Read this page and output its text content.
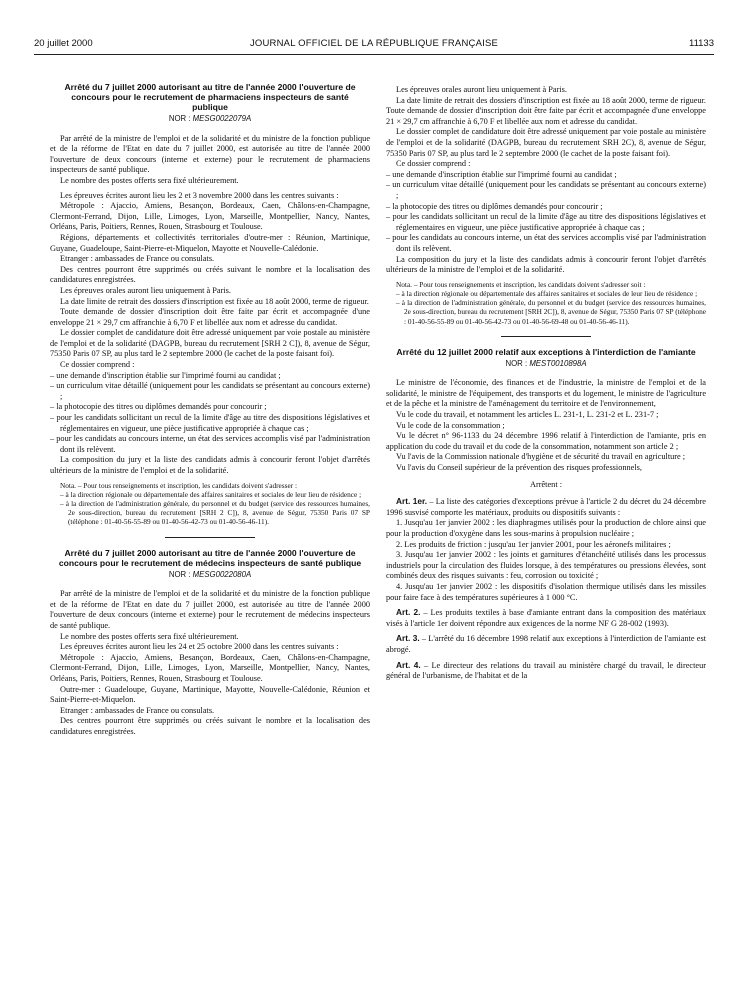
20 juillet 2000	JOURNAL OFFICIEL DE LA RÉPUBLIQUE FRANÇAISE	11133
Arrêté du 7 juillet 2000 autorisant au titre de l'année 2000 l'ouverture de concours pour le recrutement de pharmaciens inspecteurs de santé publique
NOR : MESG0022079A

Par arrêté de la ministre de l'emploi et de la solidarité et du ministre de la fonction publique et de la réforme de l'Etat en date du 7 juillet 2000, est autorisée au titre de l'année 2000 l'ouverture de deux concours (interne et externe) pour le recrutement de pharmaciens inspecteurs de santé publique.

Le nombre des postes offerts sera fixé ultérieurement.

Les épreuves écrites auront lieu les 2 et 3 novembre 2000 dans les centres suivants :

Métropole : Ajaccio, Amiens, Besançon, Bordeaux, Caen, Châlons-en-Champagne, Clermont-Ferrand, Dijon, Lille, Limoges, Lyon, Marseille, Montpellier, Nancy, Nantes, Orléans, Paris, Poitiers, Rennes, Rouen, Strasbourg et Toulouse.

Régions, départements et collectivités territoriales d'outre-mer : Réunion, Martinique, Guyane, Guadeloupe, Saint-Pierre-et-Miquelon, Mayotte et Nouvelle-Calédonie.

Etranger : ambassades de France ou consulats.

Des centres pourront être supprimés ou créés suivant le nombre et la localisation des candidatures enregistrées.

Les épreuves orales auront lieu uniquement à Paris.

La date limite de retrait des dossiers d'inscription est fixée au 18 août 2000, terme de rigueur.

Toute demande de dossier d'inscription doit être faite par écrit et accompagnée d'une enveloppe 21 × 29,7 cm affranchie à 6,70 F et libellée aux nom et adresse du candidat.

Le dossier complet de candidature doit être adressé uniquement par voie postale au ministère de l'emploi et de la solidarité (DAGPB, bureau du recrutement [SRH 2 C]), 8, avenue de Ségur, 75350 Paris 07 SP, au plus tard le 2 septembre 2000 (le cachet de la poste faisant foi).

Ce dossier comprend :

– une demande d'inscription établie sur l'imprimé fourni au candidat ;
– un curriculum vitae détaillé (uniquement pour les candidats se présentant au concours externe) ;
– la photocopie des titres ou diplômes demandés pour concourir ;
– pour les candidats sollicitant un recul de la limite d'âge au titre des dispositions législatives et réglementaires en vigueur, une pièce justificative appropriée à chaque cas ;
– pour les candidats au concours interne, un état des services accomplis visé par l'administration dont ils relèvent.

La composition du jury et la liste des candidats admis à concourir feront l'objet d'arrêtés ultérieurs de la ministre de l'emploi et de la solidarité.

Nota. – Pour tous renseignements et inscription, les candidats doivent s'adresser :
– à la direction régionale ou départementale des affaires sanitaires et sociales de leur lieu de résidence ;
– à la direction de l'administration générale, du personnel et du budget (service des ressources humaines, 2e sous-direction, bureau du recrutement [SRH 2 C]), 8, avenue de Ségur, 75350 Paris 07 SP (téléphone : 01-40-56-55-89 ou 01-40-56-42-73 ou 01-40-56-46-11).
Arrêté du 7 juillet 2000 autorisant au titre de l'année 2000 l'ouverture de concours pour le recrutement de médecins inspecteurs de santé publique
NOR : MESG0022080A

Par arrêté de la ministre de l'emploi et de la solidarité et du ministre de la fonction publique et de la réforme de l'Etat en date du 7 juillet 2000, est autorisée au titre de l'année 2000 l'ouverture de deux concours (interne et externe) pour le recrutement de médecins inspecteurs de santé publique.

Le nombre des postes offerts sera fixé ultérieurement.

Les épreuves écrites auront lieu les 24 et 25 octobre 2000 dans les centres suivants :

Métropole : Ajaccio, Amiens, Besançon, Bordeaux, Caen, Châlons-en-Champagne, Clermont-Ferrand, Dijon, Lille, Limoges, Lyon, Marseille, Montpellier, Nancy, Nantes, Orléans, Paris, Poitiers, Rennes, Rouen, Strasbourg et Toulouse.

Outre-mer : Guadeloupe, Guyane, Martinique, Mayotte, Nouvelle-Calédonie, Réunion et Saint-Pierre-et-Miquelon.

Etranger : ambassades de France ou consulats.

Des centres pourront être supprimés ou créés suivant le nombre et la localisation des candidatures enregistrées.

Les épreuves orales auront lieu uniquement à Paris.

La date limite de retrait des dossiers d'inscription est fixée au 18 août 2000, terme de rigueur. Toute demande de dossier d'inscription doit être faite par écrit et accompagnée d'une enveloppe 21 × 29,7 cm affranchie à 6,70 F et libellée aux nom et adresse du candidat.

Le dossier complet de candidature doit être adressé uniquement par voie postale au ministère de l'emploi et de la solidarité (DAGPB, bureau du recrutement SRH 2C), 8, avenue de Ségur, 75350 Paris 07 SP, au plus tard le 2 septembre 2000 (le cachet de la poste faisant foi).

Ce dossier comprend :

– une demande d'inscription établie sur l'imprimé fourni au candidat ;
– un curriculum vitae détaillé (uniquement pour les candidats se présentant au concours externe) ;
– la photocopie des titres ou diplômes demandés pour concourir ;
– pour les candidats sollicitant un recul de la limite d'âge au titre des dispositions législatives et réglementaires en vigueur, une pièce justificative appropriée à chaque cas ;
– pour les candidats au concours interne, un état des services accomplis visé par l'administration dont ils relèvent.

La composition du jury et la liste des candidats admis à concourir feront l'objet d'arrêtés ultérieurs de la ministre de l'emploi et de la solidarité.

Nota. – Pour tous renseignements et inscription, les candidats doivent s'adresser soit :
– à la direction régionale ou départementale des affaires sanitaires et sociales de leur lieu de résidence ;
– à la direction de l'administration générale, du personnel et du budget (service des ressources humaines, 2e sous-direction, bureau du recrutement [SRH 2C]), 8, avenue de Ségur, 75350 Paris 07 SP (téléphone : 01-40-56-55-89 ou 01-40-56-42-73 ou 01-40-56-69-48 ou 01-40-56-46-11).
Arrêté du 12 juillet 2000 relatif aux exceptions à l'interdiction de l'amiante
NOR : MEST0010898A

Le ministre de l'économie, des finances et de l'industrie, la ministre de l'emploi et de la solidarité, le ministre de l'équipement, des transports et du logement, le ministre de l'agriculture et de la pêche et la ministre de l'aménagement du territoire et de l'environnement,

Vu le code du travail, et notamment les articles L. 231-1, L. 231-2 et L. 231-7 ;

Vu le code de la consommation ;

Vu le décret n° 96-1133 du 24 décembre 1996 relatif à l'interdiction de l'amiante, pris en application du code du travail et du code de la consommation, notamment son article 2 ;

Vu l'avis de la Commission nationale d'hygiène et de sécurité du travail en agriculture ;

Vu l'avis du Conseil supérieur de la prévention des risques professionnels,

Arrêtent :

Art. 1er. – La liste des catégories d'exceptions prévue à l'article 2 du décret du 24 décembre 1996 susvisé comporte les matériaux, produits ou dispositifs suivants :

1. Jusqu'au 1er janvier 2002 : les diaphragmes utilisés pour la production de chlore ainsi que pour la production d'oxygène dans les sous-marins à propulsion nucléaire ;

2. Les produits de friction : jusqu'au 1er janvier 2001, pour les aéronefs militaires ;

3. Jusqu'au 1er janvier 2002 : les joints et garnitures d'étanchéité utilisés dans les processus industriels pour la circulation des fluides lorsque, à des températures ou pressions élevées, sont combinés deux des risques suivants : feu, corrosion ou toxicité ;

4. Jusqu'au 1er janvier 2002 : les dispositifs d'isolation thermique utilisés dans les missiles pour faire face à des températures supérieures à 1 000 °C.

Art. 2. – Les produits textiles à base d'amiante entrant dans la composition des matériaux visés à l'article 1er doivent répondre aux exigences de la norme NF G 28-002 (1993).

Art. 3. – L'arrêté du 16 décembre 1998 relatif aux exceptions à l'interdiction de l'amiante est abrogé.

Art. 4. – Le directeur des relations du travail au ministère chargé du travail, le directeur général de l'urbanisme, de l'habitat et de la
